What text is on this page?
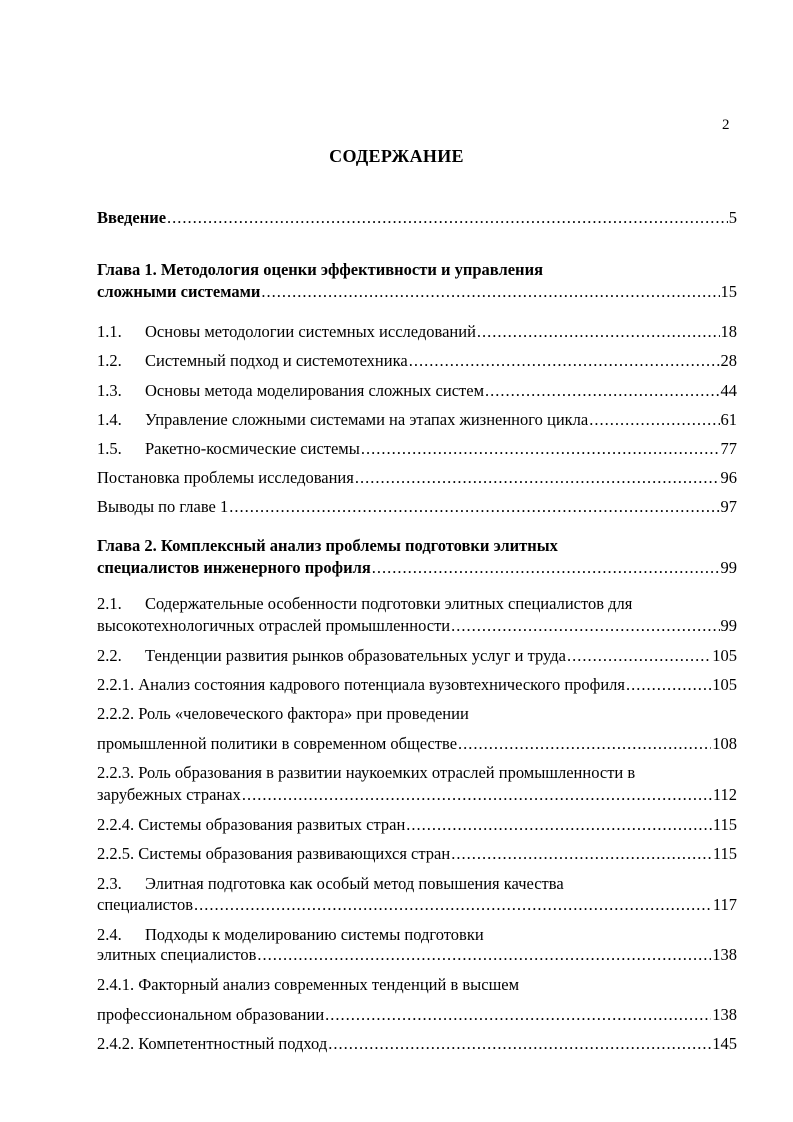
2
СОДЕРЖАНИЕ
Введение .....	5
Глава 1. Методология оценки эффективности и управления
сложными системами .....	15
1.1.	Основы методологии системных исследований .....	18
1.2.	Системный подход и системотехника .....	28
1.3.	Основы метода моделирования сложных систем .....	44
1.4.	Управление сложными системами на этапах жизненного цикла .....	61
1.5.	Ракетно-космические системы .....	77
Постановка проблемы исследования .....	96
Выводы по главе 1 .....	97
Глава 2. Комплексный анализ проблемы подготовки элитных
специалистов инженерного профиля .....	99
2.1.	Содержательные особенности подготовки элитных специалистов для
высокотехнологичных отраслей промышленности .....	99
2.2.	Тенденции развития рынков образовательных услуг и труда .....	105
2.2.1. Анализ состояния кадрового потенциала вузовтехнического профиля .....	105
2.2.2. Роль «человеческого фактора» при проведении
промышленной политики в современном обществе .....	108
2.2.3. Роль образования в развитии наукоемких отраслей промышленности в
зарубежных странах .....	112
2.2.4. Системы образования развитых стран .....	115
2.2.5. Системы образования развивающихся стран .....	115
2.3.	Элитная подготовка как особый метод повышения качества
специалистов .....	117
2.4.	Подходы к моделированию системы подготовки
элитных специалистов .....	138
2.4.1. Факторный анализ современных тенденций в высшем
профессиональном образовании .....	138
2.4.2. Компетентностный подход .....	145
